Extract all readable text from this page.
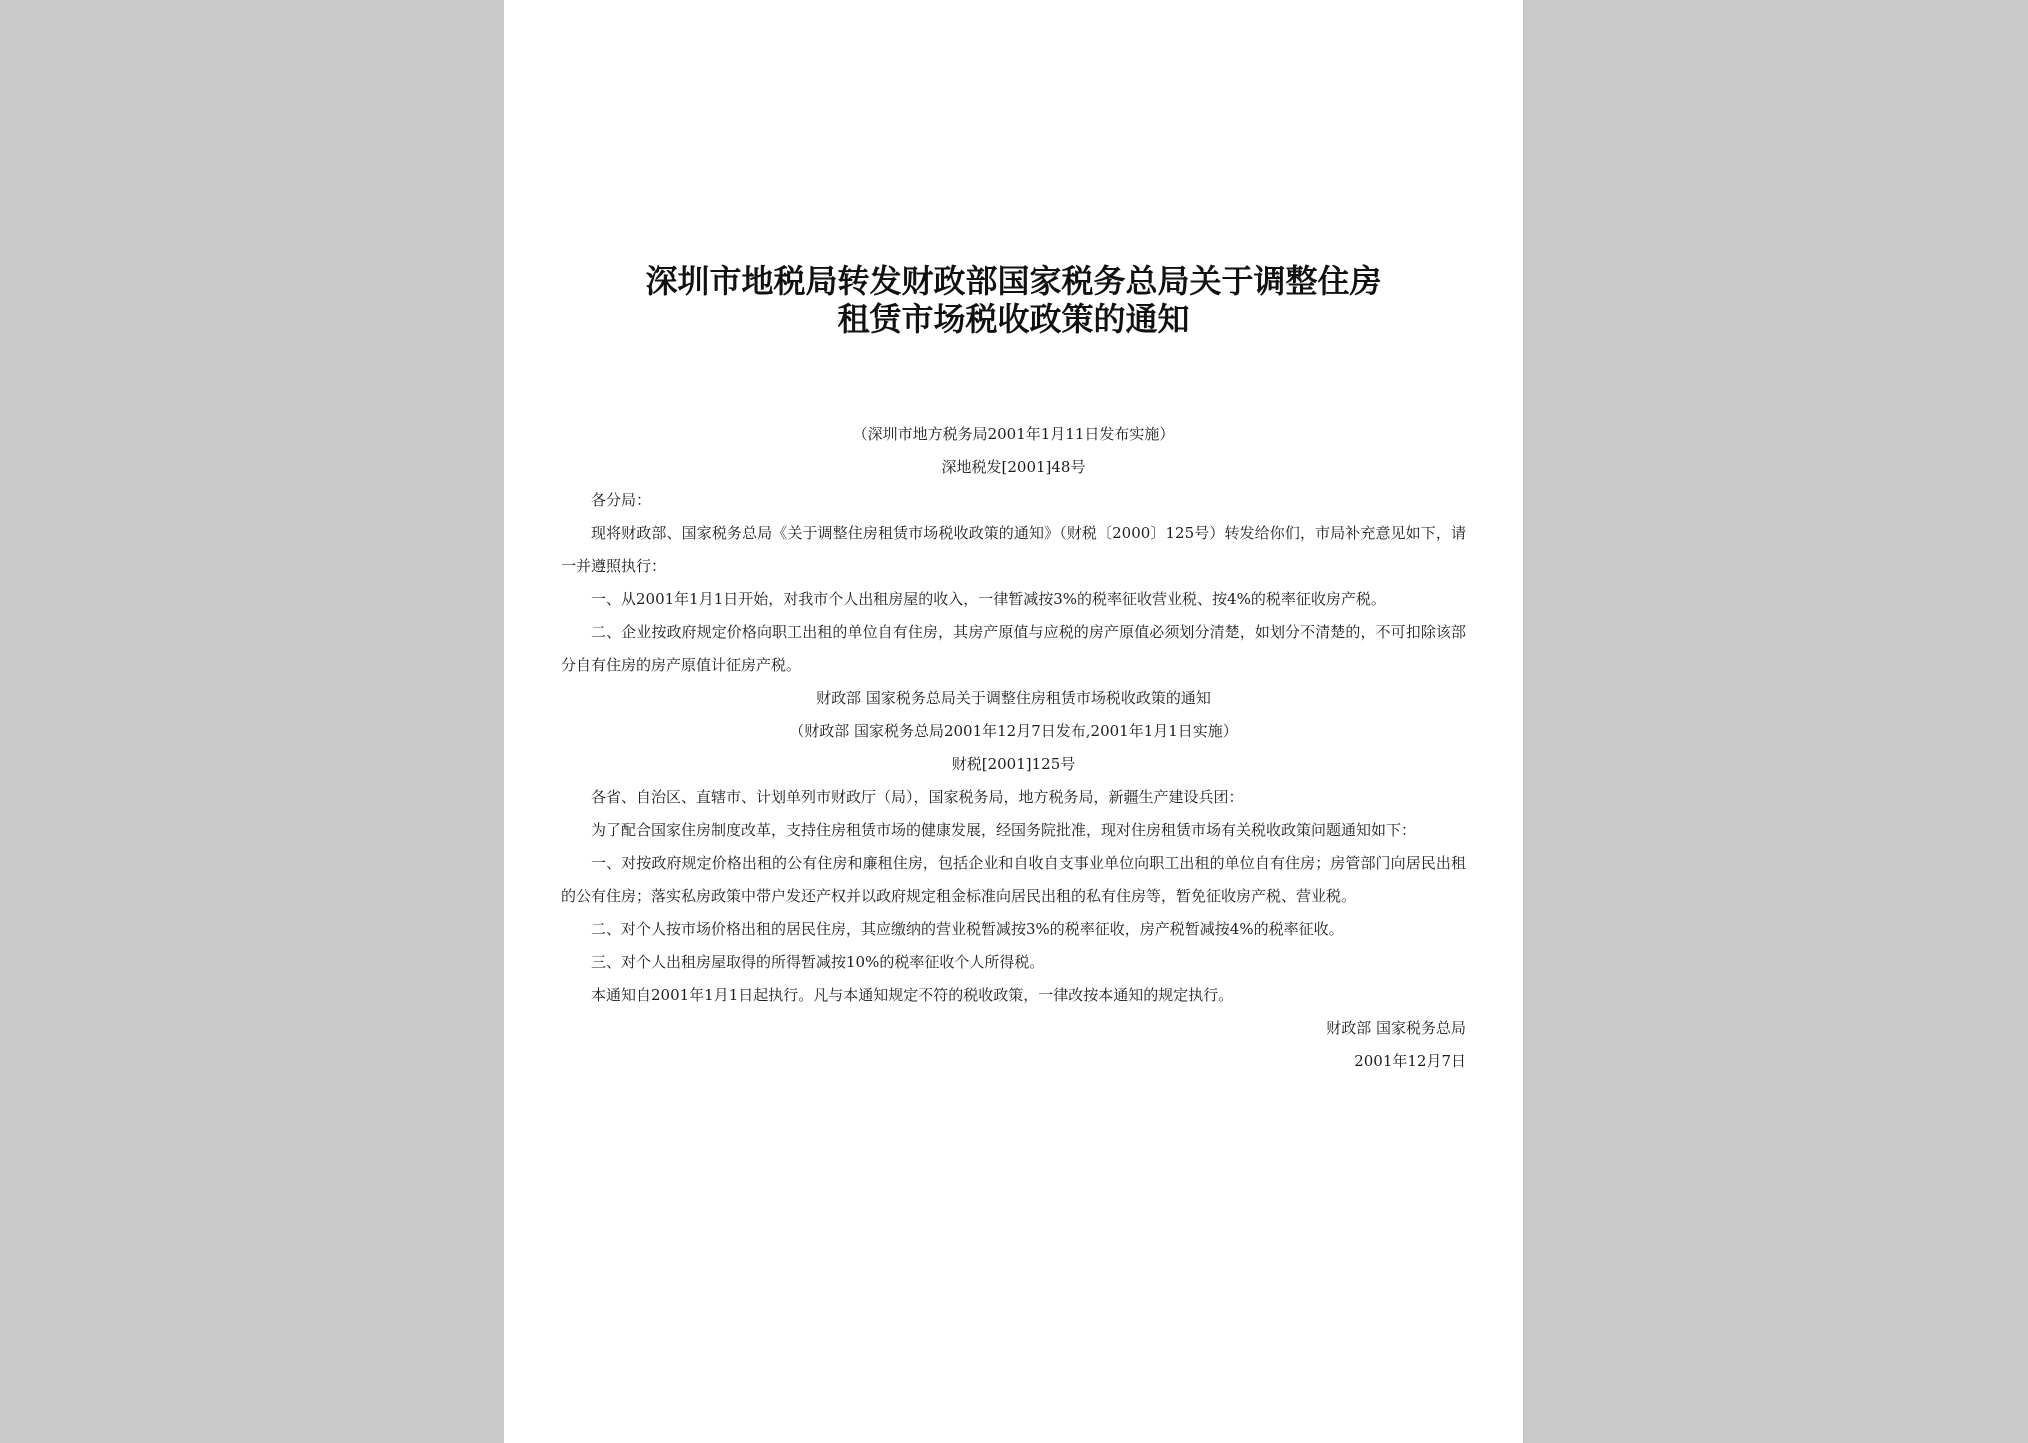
深圳市地税局转发财政部国家税务总局关于调整住房
租赁市场税收政策的通知
（深圳市地方税务局2001年1月11日发布实施）
深地税发[2001]48号
各分局：
现将财政部、国家税务总局《关于调整住房租赁市场税收政策的通知》（财税〔2000〕125号）转发给你们，市局补充意见如下，请一并遵照执行：
一、从2001年1月1日开始，对我市个人出租房屋的收入，一律暂减按3%的税率征收营业税、按4%的税率征收房产税。
二、企业按政府规定价格向职工出租的单位自有住房，其房产原值与应税的房产原值必须划分清楚，如划分不清楚的，不可扣除该部分自有住房的房产原值计征房产税。
财政部 国家税务总局关于调整住房租赁市场税收政策的通知
（财政部 国家税务总局2001年12月7日发布,2001年1月1日实施）
财税[2001]125号
各省、自治区、直辖市、计划单列市财政厅（局），国家税务局，地方税务局，新疆生产建设兵团：
为了配合国家住房制度改革，支持住房租赁市场的健康发展，经国务院批准，现对住房租赁市场有关税收政策问题通知如下：
一、对按政府规定价格出租的公有住房和廉租住房，包括企业和自收自支事业单位向职工出租的单位自有住房；房管部门向居民出租的公有住房；落实私房政策中带户发还产权并以政府规定租金标准向居民出租的私有住房等，暂免征收房产税、营业税。
二、对个人按市场价格出租的居民住房，其应缴纳的营业税暂减按3%的税率征收，房产税暂减按4%的税率征收。
三、对个人出租房屋取得的所得暂减按10%的税率征收个人所得税。
本通知自2001年1月1日起执行。凡与本通知规定不符的税收政策，一律改按本通知的规定执行。
财政部 国家税务总局
2001年12月7日
